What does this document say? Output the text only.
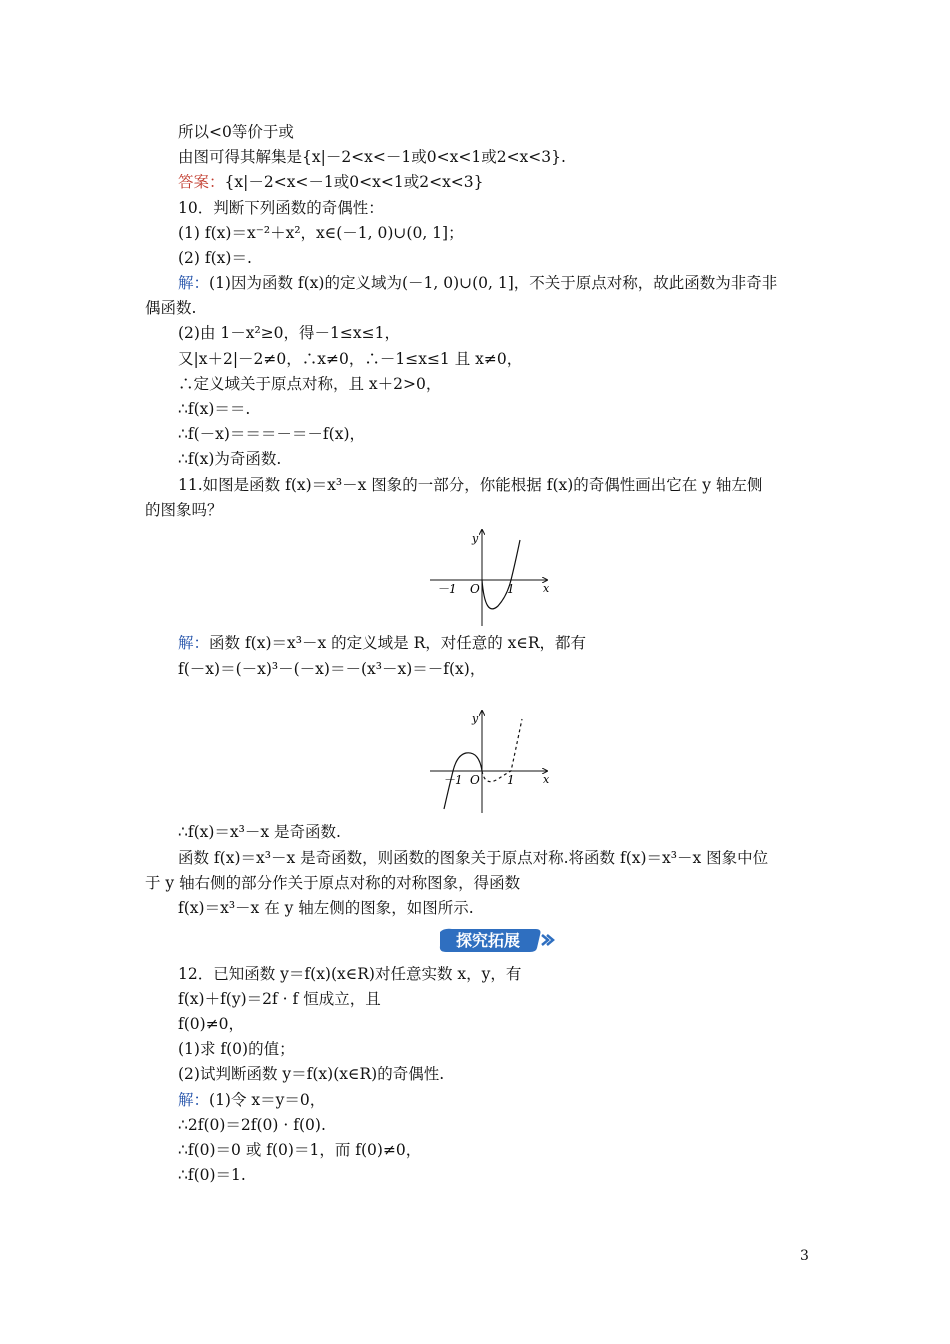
所以<0等价于或
由图可得其解集是{x|－2<x<－1或0<x<1或2<x<3}.
答案：{x|－2<x<－1或0<x<1或2<x<3}
10．判断下列函数的奇偶性：
(1) f(x)＝x⁻²＋x²，x∈(－1, 0)∪(0, 1]；
(2) f(x)＝.
解：(1)因为函数 f(x)的定义域为(－1, 0)∪(0, 1]，不关于原点对称，故此函数为非奇非
偶函数.
(2)由 1－x²≥0，得－1≤x≤1，
又|x＋2|－2≠0，∴x≠0，∴－1≤x≤1 且 x≠0，
∴定义域关于原点对称，且 x＋2>0，
∴f(x)＝＝.
∴f(－x)＝＝＝－＝－f(x)，
∴f(x)为奇函数.
11.如图是函数 f(x)＝x³－x 图象的一部分，你能根据 f(x)的奇偶性画出它在 y 轴左侧
的图象吗？
y
x
O
－1	1
解：函数 f(x)＝x³－x 的定义域是 R，对任意的 x∈R，都有
f(－x)＝(－x)³－(－x)＝－(x³－x)＝－f(x)，
y
x
O
－1	1
∴f(x)＝x³－x 是奇函数.
函数 f(x)＝x³－x 是奇函数，则函数的图象关于原点对称.将函数 f(x)＝x³－x 图象中位
于 y 轴右侧的部分作关于原点对称的对称图象，得函数
f(x)＝x³－x 在 y 轴左侧的图象，如图所示.
探究拓展
12．已知函数 y＝f(x)(x∈R)对任意实数 x，y，有
f(x)＋f(y)＝2f · f 恒成立，且
f(0)≠0，
(1)求 f(0)的值；
(2)试判断函数 y＝f(x)(x∈R)的奇偶性.
解：(1)令 x＝y＝0，
∴2f(0)＝2f(0) · f(0).
∴f(0)＝0 或 f(0)＝1，而 f(0)≠0，
∴f(0)＝1.
3
